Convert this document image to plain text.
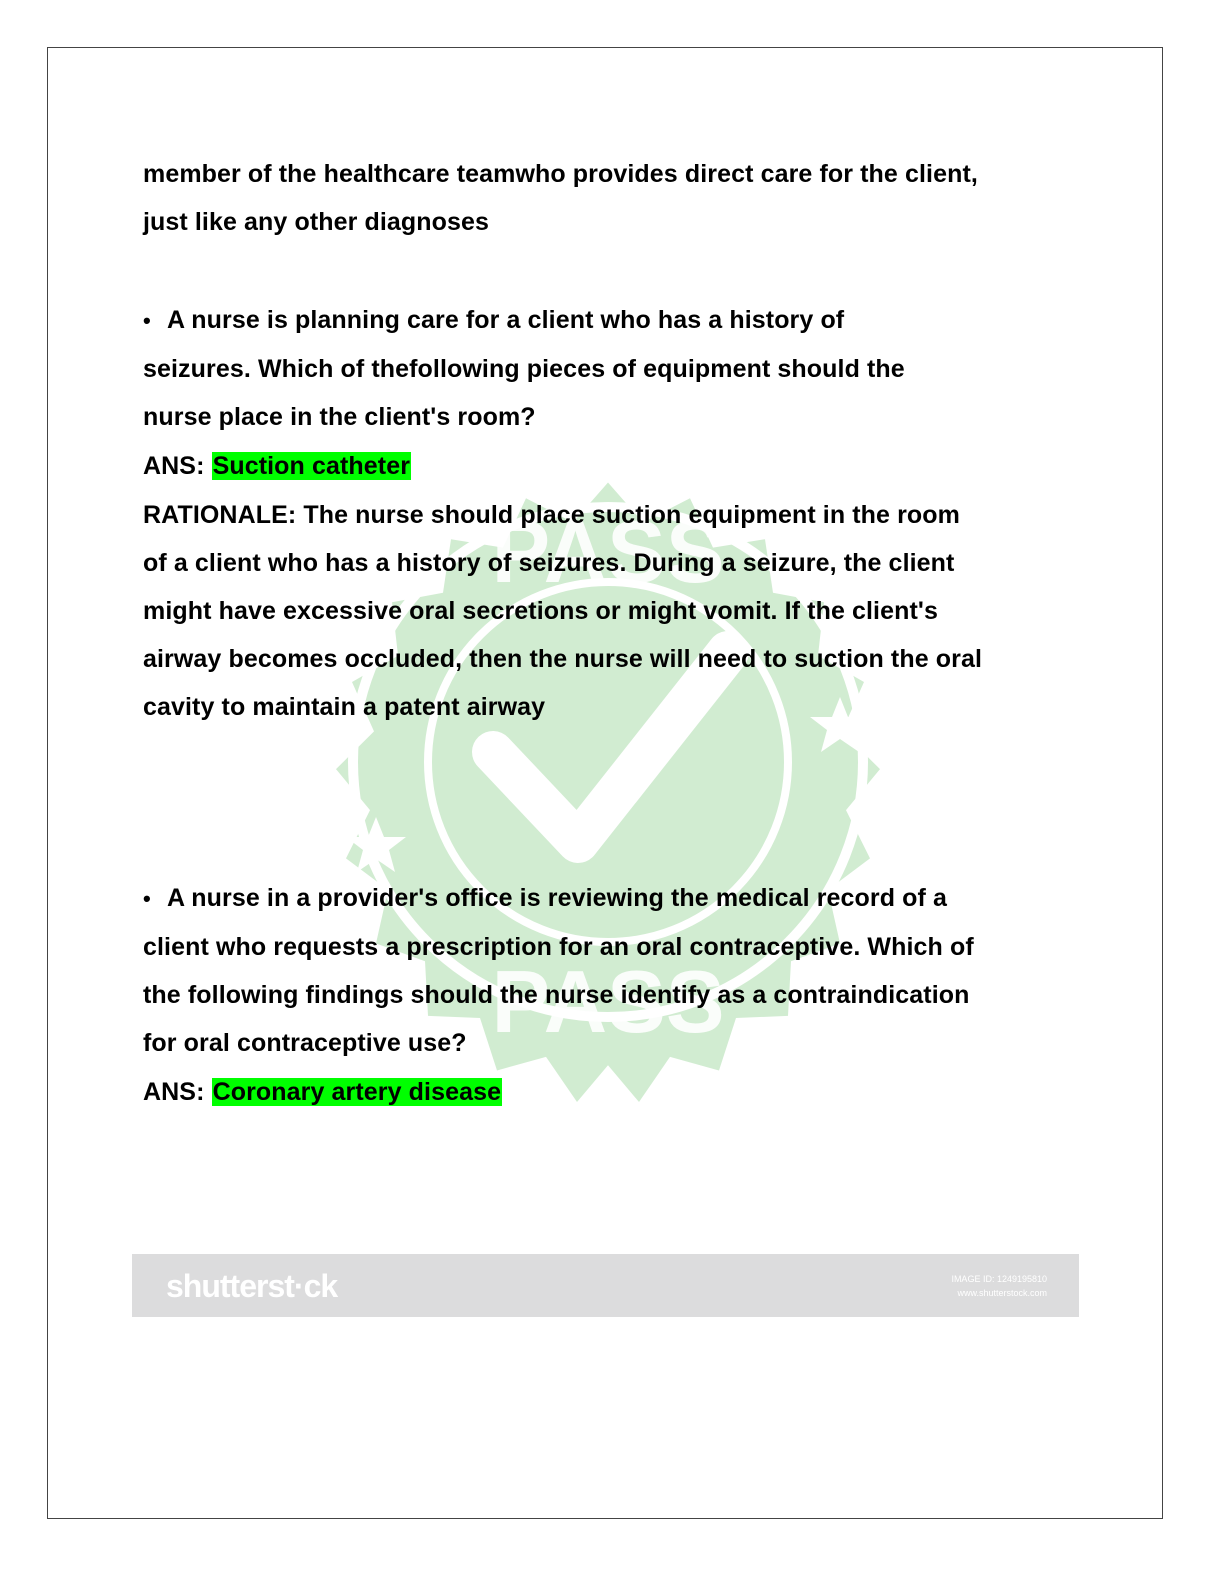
PASS
PASS
member of the healthcare teamwho provides direct care for the client,
just like any other diagnoses
• A nurse is planning care for a client who has a history of
seizures. Which of thefollowing pieces of equipment should the
nurse place in the client's room?
ANS: Suction catheter
RATIONALE: The nurse should place suction equipment in the room
of a client who has a history of seizures. During a seizure, the client
might have excessive oral secretions or might vomit. If the client's
airway becomes occluded, then the nurse will need to suction the oral
cavity to maintain a patent airway
• A nurse in a provider's office is reviewing the medical record of a
client who requests a prescription for an oral contraceptive. Which of
the following findings should the nurse identify as a contraindication
for oral contraceptive use?
ANS: Coronary artery disease
shutterst·ck	IMAGE ID: 1249195810
www.shutterstock.com
